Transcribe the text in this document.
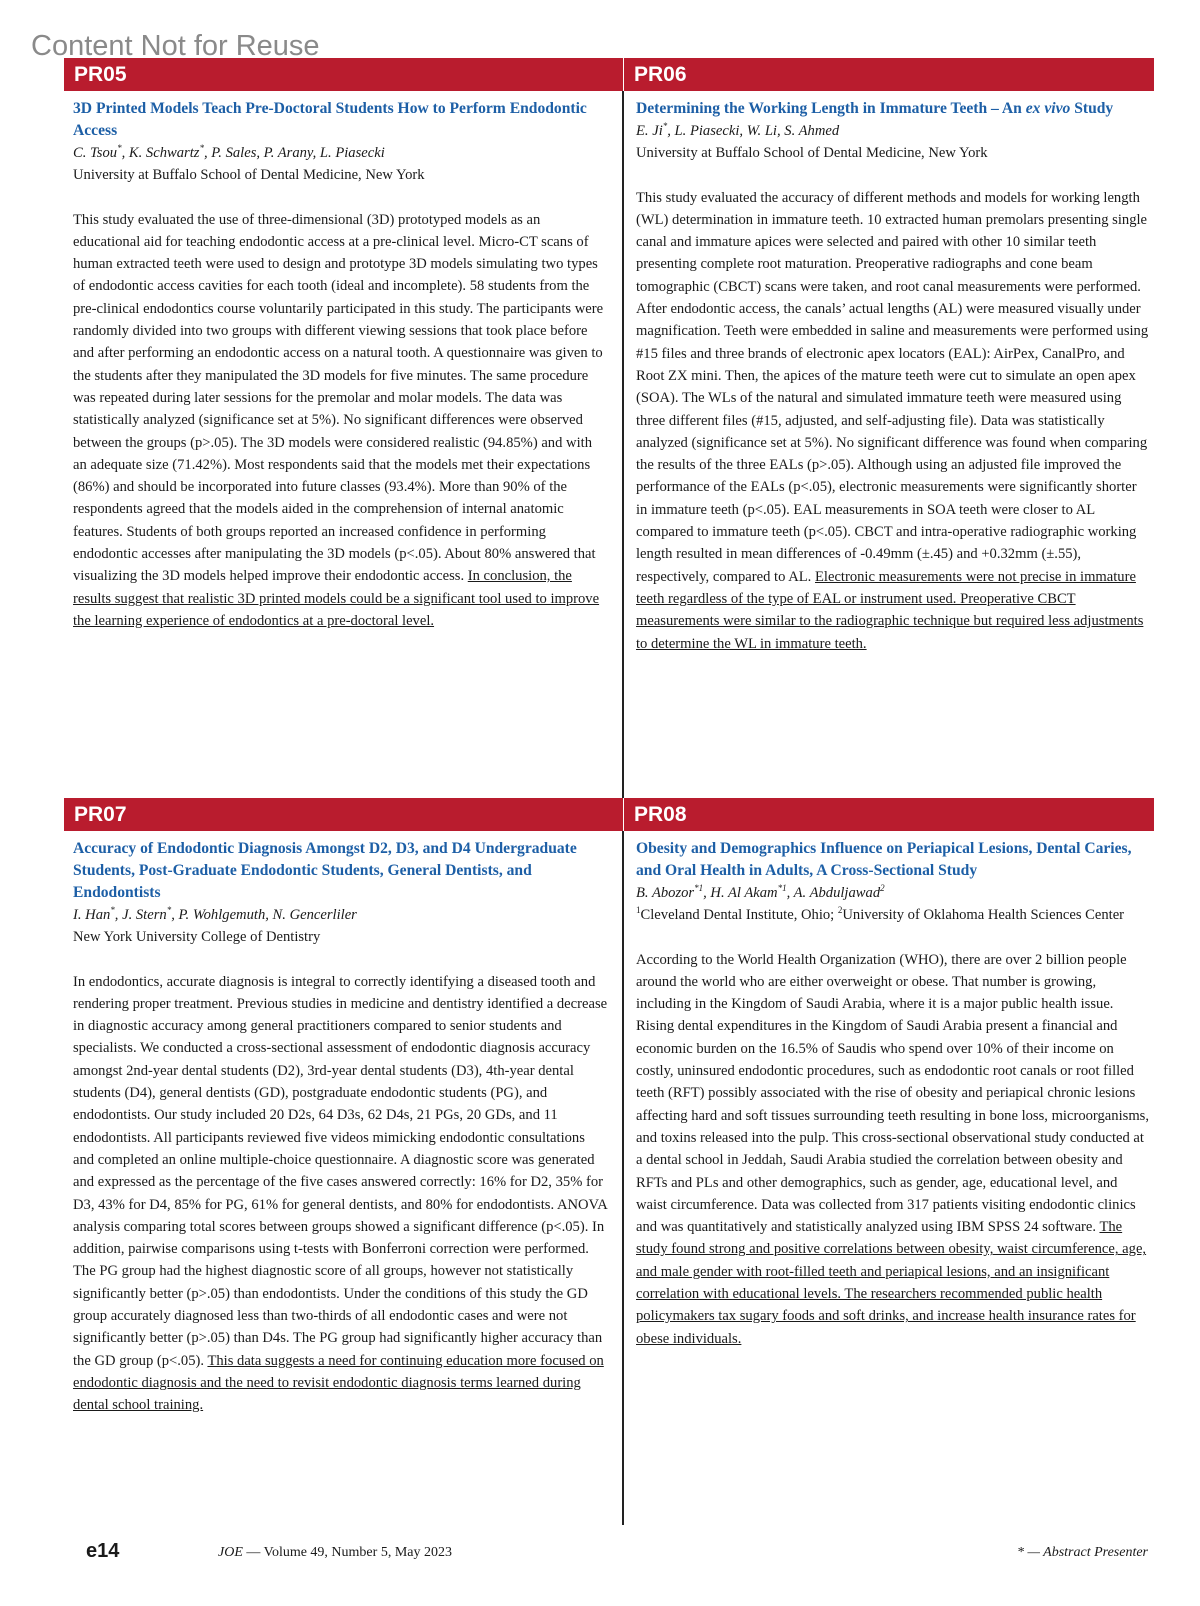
Content Not for Reuse
PR05	PR06
PR07	PR08
3D Printed Models Teach Pre-Doctoral Students How to Perform Endodontic Access
C. Tsou*, K. Schwartz*, P. Sales, P. Arany, L. Piasecki
University at Buffalo School of Dental Medicine, New York
This study evaluated the use of three-dimensional (3D) prototyped models as an educational aid for teaching endodontic access at a pre-clinical level. Micro-CT scans of human extracted teeth were used to design and prototype 3D models simulating two types of endodontic access cavities for each tooth (ideal and incomplete). 58 students from the pre-clinical endodontics course voluntarily participated in this study. The participants were randomly divided into two groups with different viewing sessions that took place before and after performing an endodontic access on a natural tooth. A questionnaire was given to the students after they manipulated the 3D models for five minutes. The same procedure was repeated during later sessions for the premolar and molar models. The data was statistically analyzed (significance set at 5%). No significant differences were observed between the groups (p>.05). The 3D models were considered realistic (94.85%) and with an adequate size (71.42%). Most respondents said that the models met their expectations (86%) and should be incorporated into future classes (93.4%). More than 90% of the respondents agreed that the models aided in the comprehension of internal anatomic features. Students of both groups reported an increased confidence in performing endodontic accesses after manipulating the 3D models (p<.05). About 80% answered that visualizing the 3D models helped improve their endodontic access. In conclusion, the results suggest that realistic 3D printed models could be a significant tool used to improve the learning experience of endodontics at a pre-doctoral level.
Determining the Working Length in Immature Teeth – An ex vivo Study
E. Ji*, L. Piasecki, W. Li, S. Ahmed
University at Buffalo School of Dental Medicine, New York
This study evaluated the accuracy of different methods and models for working length (WL) determination in immature teeth. 10 extracted human premolars presenting single canal and immature apices were selected and paired with other 10 similar teeth presenting complete root maturation. Preoperative radiographs and cone beam tomographic (CBCT) scans were taken, and root canal measurements were performed. After endodontic access, the canals’ actual lengths (AL) were measured visually under magnification. Teeth were embedded in saline and measurements were performed using #15 files and three brands of electronic apex locators (EAL): AirPex, CanalPro, and Root ZX mini. Then, the apices of the mature teeth were cut to simulate an open apex (SOA). The WLs of the natural and simulated immature teeth were measured using three different files (#15, adjusted, and self-adjusting file). Data was statistically analyzed (significance set at 5%). No significant difference was found when comparing the results of the three EALs (p>.05). Although using an adjusted file improved the performance of the EALs (p<.05), electronic measurements were significantly shorter in immature teeth (p<.05). EAL measurements in SOA teeth were closer to AL compared to immature teeth (p<.05). CBCT and intra-operative radiographic working length resulted in mean differences of -0.49mm (±.45) and +0.32mm (±.55), respectively, compared to AL. Electronic measurements were not precise in immature teeth regardless of the type of EAL or instrument used. Preoperative CBCT measurements were similar to the radiographic technique but required less adjustments to determine the WL in immature teeth.
Accuracy of Endodontic Diagnosis Amongst D2, D3, and D4 Undergraduate Students, Post-Graduate Endodontic Students, General Dentists, and Endodontists
I. Han*, J. Stern*, P. Wohlgemuth, N. Gencerliler
New York University College of Dentistry
In endodontics, accurate diagnosis is integral to correctly identifying a diseased tooth and rendering proper treatment. Previous studies in medicine and dentistry identified a decrease in diagnostic accuracy among general practitioners compared to senior students and specialists. We conducted a cross-sectional assessment of endodontic diagnosis accuracy amongst 2nd-year dental students (D2), 3rd-year dental students (D3), 4th-year dental students (D4), general dentists (GD), postgraduate endodontic students (PG), and endodontists. Our study included 20 D2s, 64 D3s, 62 D4s, 21 PGs, 20 GDs, and 11 endodontists. All participants reviewed five videos mimicking endodontic consultations and completed an online multiple-choice questionnaire. A diagnostic score was generated and expressed as the percentage of the five cases answered correctly: 16% for D2, 35% for D3, 43% for D4, 85% for PG, 61% for general dentists, and 80% for endodontists. ANOVA analysis comparing total scores between groups showed a significant difference (p<.05). In addition, pairwise comparisons using t-tests with Bonferroni correction were performed. The PG group had the highest diagnostic score of all groups, however not statistically significantly better (p>.05) than endodontists. Under the conditions of this study the GD group accurately diagnosed less than two-thirds of all endodontic cases and were not significantly better (p>.05) than D4s. The PG group had significantly higher accuracy than the GD group (p<.05). This data suggests a need for continuing education more focused on endodontic diagnosis and the need to revisit endodontic diagnosis terms learned during dental school training.
Obesity and Demographics Influence on Periapical Lesions, Dental Caries, and Oral Health in Adults, A Cross-Sectional Study
B. Abozor$^{*1}$, H. Al Akam$^{*1}$, A. Abduljawad$^2$
$^1$Cleveland Dental Institute, Ohio; $^2$University of Oklahoma Health Sciences Center
According to the World Health Organization (WHO), there are over 2 billion people around the world who are either overweight or obese. That number is growing, including in the Kingdom of Saudi Arabia, where it is a major public health issue. Rising dental expenditures in the Kingdom of Saudi Arabia present a financial and economic burden on the 16.5% of Saudis who spend over 10% of their income on costly, uninsured endodontic procedures, such as endodontic root canals or root filled teeth (RFT) possibly associated with the rise of obesity and periapical chronic lesions affecting hard and soft tissues surrounding teeth resulting in bone loss, microorganisms, and toxins released into the pulp. This cross-sectional observational study conducted at a dental school in Jeddah, Saudi Arabia studied the correlation between obesity and RFTs and PLs and other demographics, such as gender, age, educational level, and waist circumference. Data was collected from 317 patients visiting endodontic clinics and was quantitatively and statistically analyzed using IBM SPSS 24 software. The study found strong and positive correlations between obesity, waist circumference, age, and male gender with root-filled teeth and periapical lesions, and an insignificant correlation with educational levels. The researchers recommended public health policymakers tax sugary foods and soft drinks, and increase health insurance rates for obese individuals.
e14	JOE — Volume 49, Number 5, May 2023	* — Abstract Presenter
